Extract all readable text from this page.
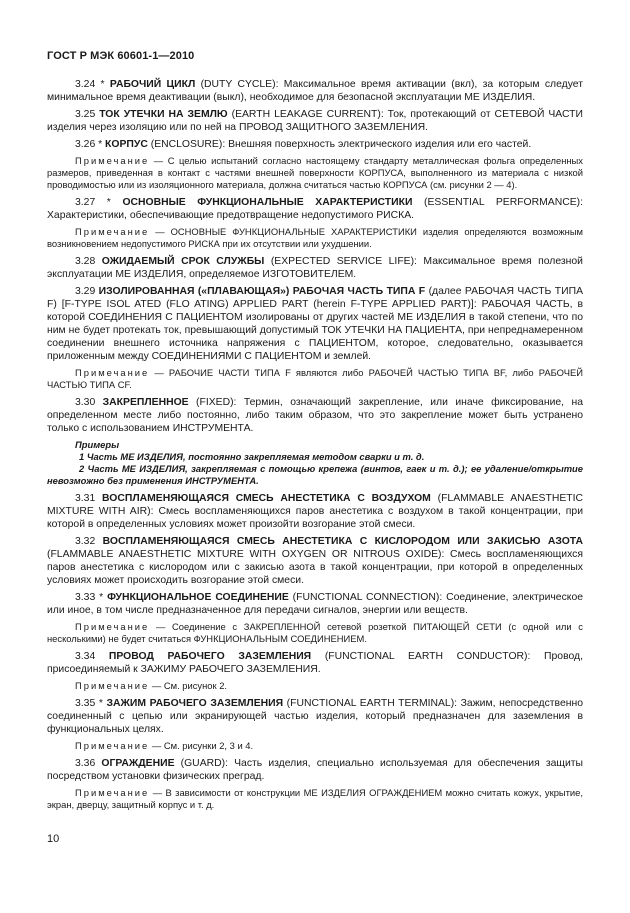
ГОСТ Р МЭК 60601-1—2010

3.24 * РАБОЧИЙ ЦИКЛ (DUTY CYCLE): Максимальное время активации (вкл), за которым следует минимальное время деактивации (выкл), необходимое для безопасной эксплуатации МЕ ИЗДЕЛИЯ.

3.25 ТОК УТЕЧКИ НА ЗЕМЛЮ (EARTH LEAKAGE CURRENT): Ток, протекающий от СЕТЕВОЙ ЧАСТИ изделия через изоляцию или по ней на ПРОВОД ЗАЩИТНОГО ЗАЗЕМЛЕНИЯ.

3.26 * КОРПУС (ENCLOSURE): Внешняя поверхность электрического изделия или его частей.

Примечание — С целью испытаний согласно настоящему стандарту металлическая фольга определенных размеров, приведенная в контакт с частями внешней поверхности КОРПУСА, выполненного из материала с низкой проводимостью или из изоляционного материала, должна считаться частью КОРПУСА (см. рисунки 2 — 4).

3.27 * ОСНОВНЫЕ ФУНКЦИОНАЛЬНЫЕ ХАРАКТЕРИСТИКИ (ESSENTIAL PERFORMANCE): Характеристики, обеспечивающие предотвращение недопустимого РИСКА.

Примечание — ОСНОВНЫЕ ФУНКЦИОНАЛЬНЫЕ ХАРАКТЕРИСТИКИ изделия определяются возможным возникновением недопустимого РИСКА при их отсутствии или ухудшении.

3.28 ОЖИДАЕМЫЙ СРОК СЛУЖБЫ (EXPECTED SERVICE LIFE): Максимальное время полезной эксплуатации МЕ ИЗДЕЛИЯ, определяемое ИЗГОТОВИТЕЛЕМ.

3.29 ИЗОЛИРОВАННАЯ («ПЛАВАЮЩАЯ») РАБОЧАЯ ЧАСТЬ ТИПА F (далее РАБОЧАЯ ЧАСТЬ ТИПА F) [F-TYPE ISOL ATED (FLO ATING) APPLIED PART (herein F-TYPE APPLIED PART)]: РАБОЧАЯ ЧАСТЬ, в которой СОЕДИНЕНИЯ С ПАЦИЕНТОМ изолированы от других частей МЕ ИЗДЕЛИЯ в такой степени, что по ним не будет протекать ток, превышающий допустимый ТОК УТЕЧКИ НА ПАЦИЕНТА, при непреднамеренном соединении внешнего источника напряжения с ПАЦИЕНТОМ, которое, следовательно, оказывается приложенным между СОЕДИНЕНИЯМИ С ПАЦИЕНТОМ и землей.

Примечание — РАБОЧИЕ ЧАСТИ ТИПА F являются либо РАБОЧЕЙ ЧАСТЬЮ ТИПА BF, либо РАБОЧЕЙ ЧАСТЬЮ ТИПА CF.

3.30 ЗАКРЕПЛЕННОЕ (FIXED): Термин, означающий закрепление, или иначе фиксирование, на определенном месте либо постоянно, либо таким образом, что это закрепление может быть устранено только с использованием ИНСТРУМЕНТА.

Примеры

1 Часть МЕ ИЗДЕЛИЯ, постоянно закрепляемая методом сварки и т. д.

2 Часть МЕ ИЗДЕЛИЯ, закрепляемая с помощью крепежа (винтов, гаек и т. д.); ее удаление/открытие невозможно без применения ИНСТРУМЕНТА.

3.31 ВОСПЛАМЕНЯЮЩАЯСЯ СМЕСЬ АНЕСТЕТИКА С ВОЗДУХОМ (FLAMMABLE ANAESTHETIC MIXTURE WITH AIR): Смесь воспламеняющихся паров анестетика с воздухом в такой концентрации, при которой в определенных условиях может произойти возгорание этой смеси.

3.32 ВОСПЛАМЕНЯЮЩАЯСЯ СМЕСЬ АНЕСТЕТИКА С КИСЛОРОДОМ ИЛИ ЗАКИСЬЮ АЗОТА (FLAMMABLE ANAESTHETIC MIXTURE WITH OXYGEN OR NITROUS OXIDE): Смесь воспламеняющихся паров анестетика с кислородом или с закисью азота в такой концентрации, при которой в определенных условиях может происходить возгорание этой смеси.

3.33 * ФУНКЦИОНАЛЬНОЕ СОЕДИНЕНИЕ (FUNCTIONAL CONNECTION): Соединение, электрическое или иное, в том числе предназначенное для передачи сигналов, энергии или веществ.

Примечание — Соединение с ЗАКРЕПЛЕННОЙ сетевой розеткой ПИТАЮЩЕЙ СЕТИ (с одной или с несколькими) не будет считаться ФУНКЦИОНАЛЬНЫМ СОЕДИНЕНИЕМ.

3.34 ПРОВОД РАБОЧЕГО ЗАЗЕМЛЕНИЯ (FUNCTIONAL EARTH CONDUCTOR): Провод, присоединяемый к ЗАЖИМУ РАБОЧЕГО ЗАЗЕМЛЕНИЯ.

Примечание — См. рисунок 2.

3.35 * ЗАЖИМ РАБОЧЕГО ЗАЗЕМЛЕНИЯ (FUNCTIONAL EARTH TERMINAL): Зажим, непосредственно соединенный с цепью или экранирующей частью изделия, который предназначен для заземления в функциональных целях.

Примечание — См. рисунки 2, 3 и 4.

3.36 ОГРАЖДЕНИЕ (GUARD): Часть изделия, специально используемая для обеспечения защиты посредством установки физических преград.

Примечание — В зависимости от конструкции МЕ ИЗДЕЛИЯ ОГРАЖДЕНИЕМ можно считать кожух, укрытие, экран, дверцу, защитный корпус и т. д.

10
